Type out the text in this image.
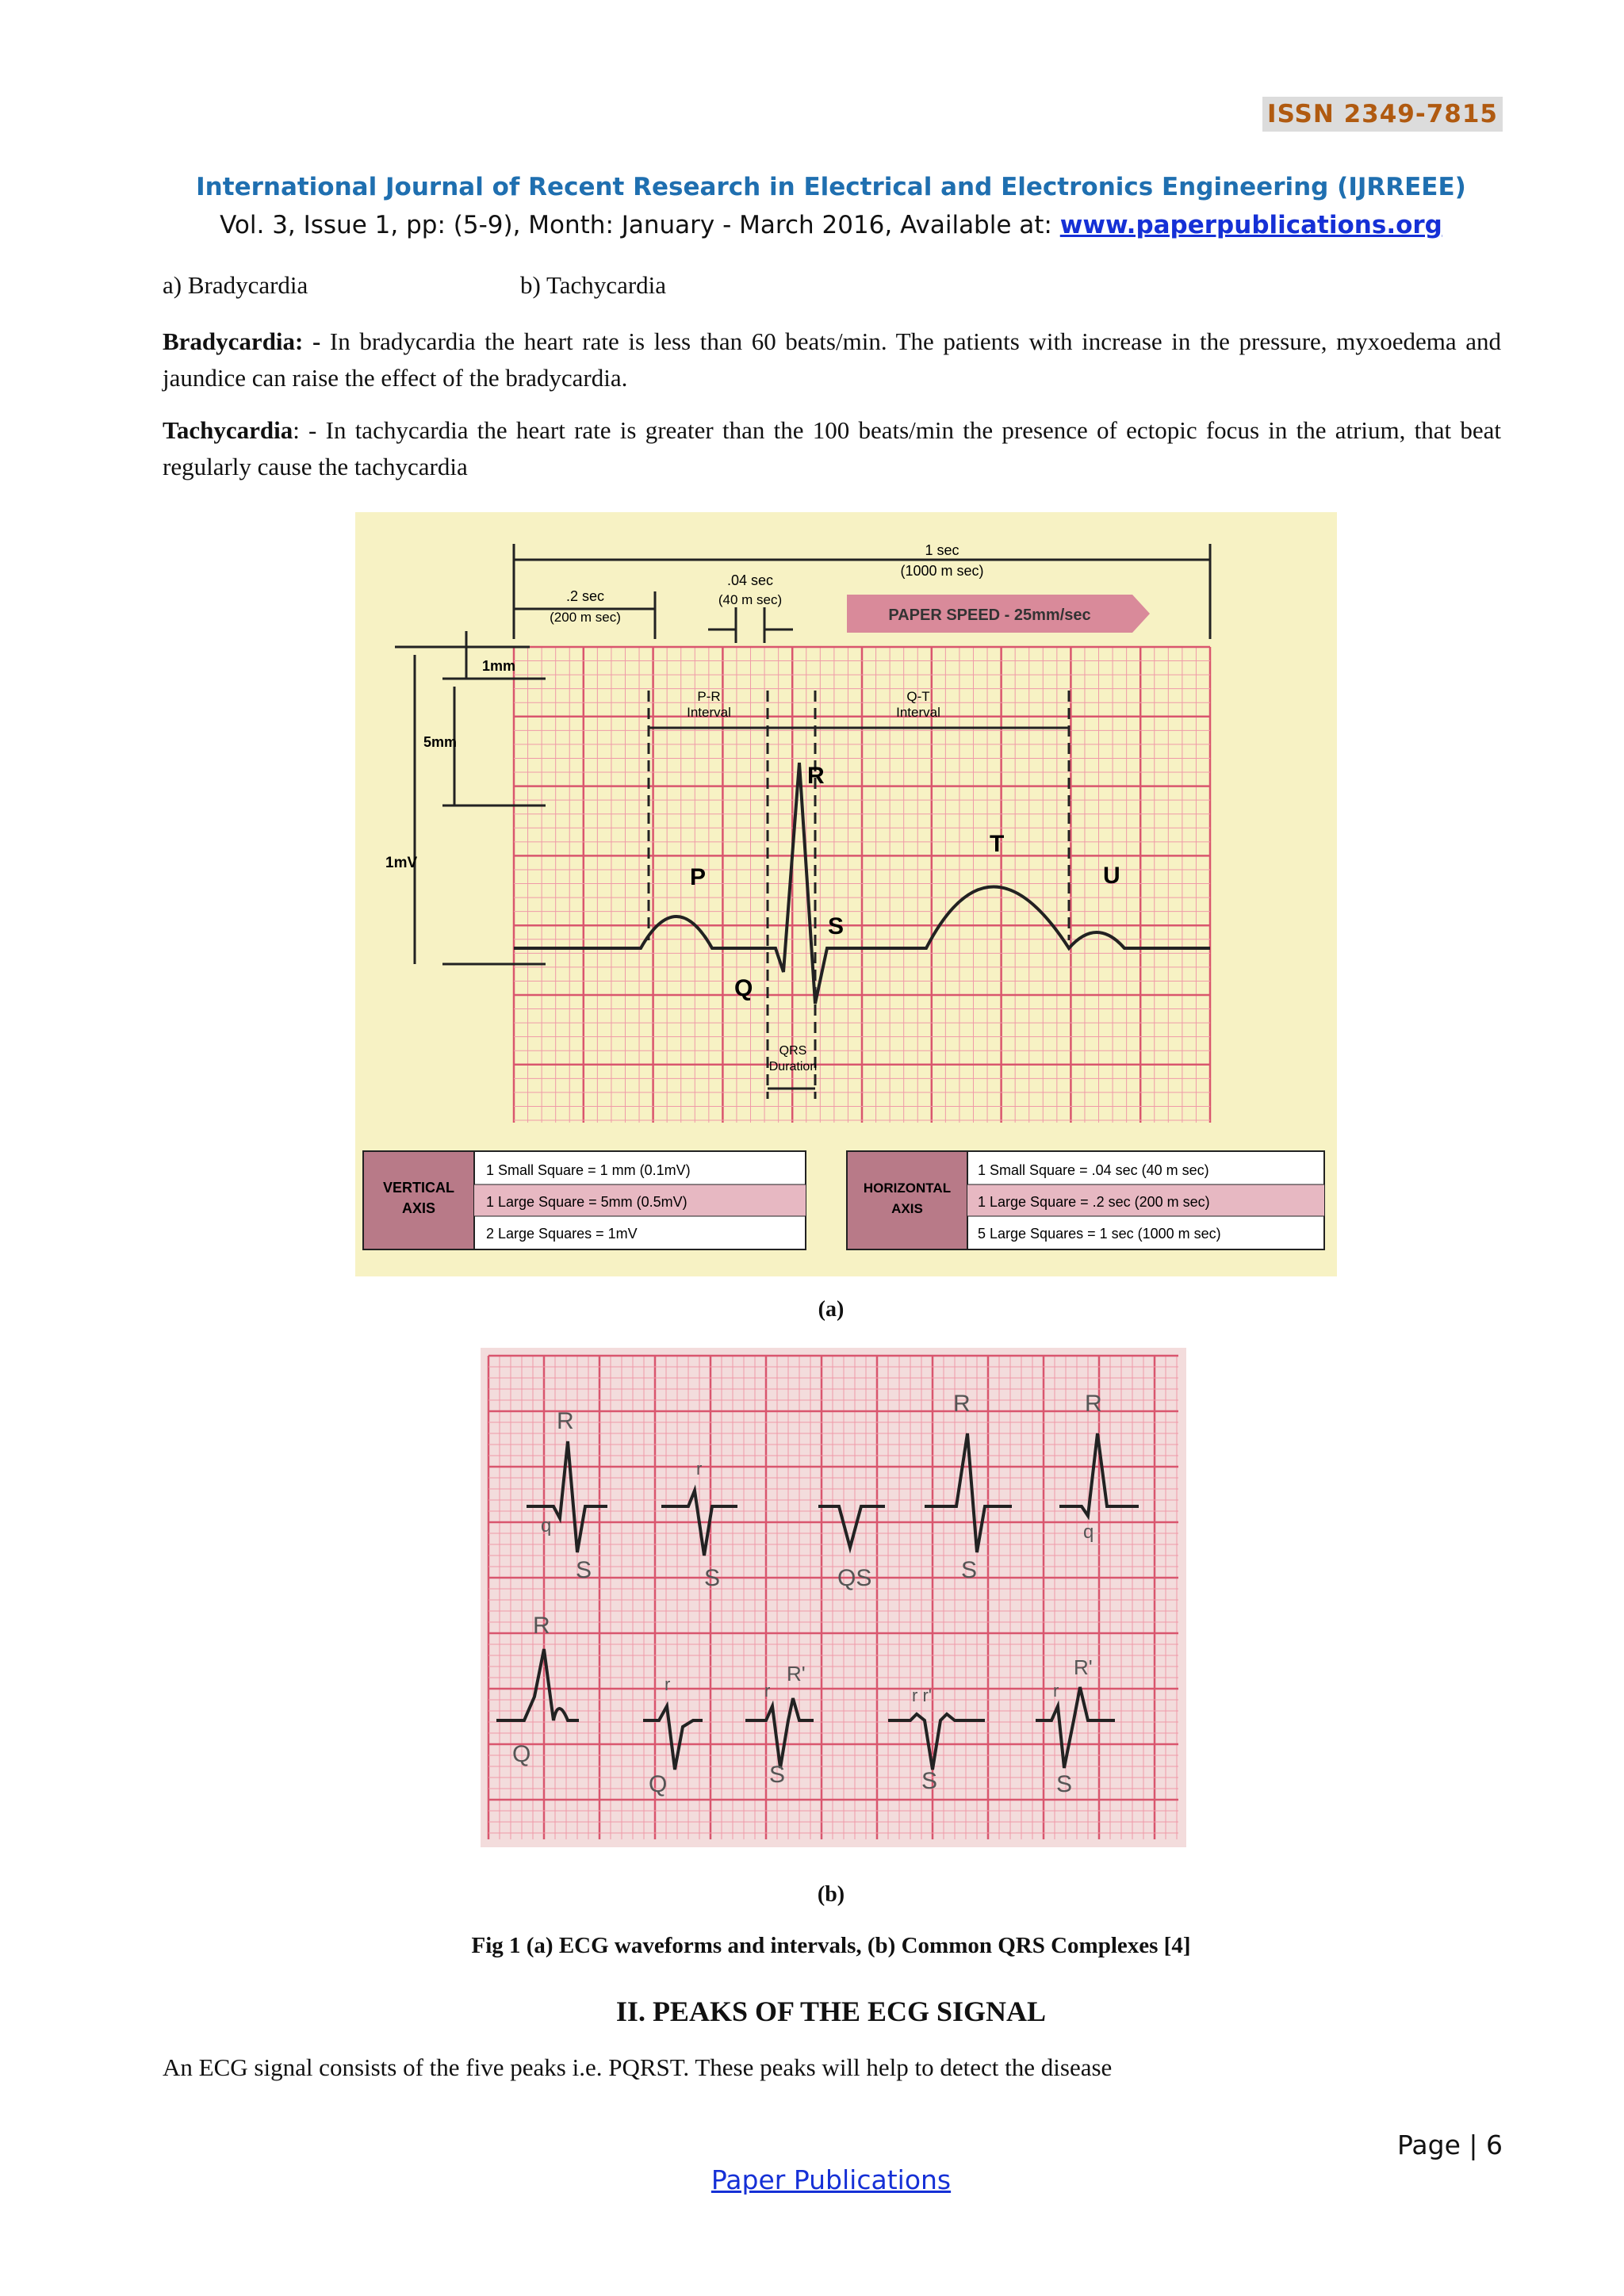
ISSN 2349-7815
International Journal of Recent Research in Electrical and Electronics Engineering (IJRREEE)
Vol. 3, Issue 1, pp: (5-9), Month: January - March 2016, Available at: www.paperpublications.org
a) Bradycardia	b) Tachycardia
Bradycardia: - In bradycardia the heart rate is less than 60 beats/min. The patients with increase in the pressure, myxoedema and jaundice can raise the effect of the bradycardia.
Tachycardia: - In tachycardia the heart rate is greater than the 100 beats/min the presence of ectopic focus in the atrium, that beat regularly cause the tachycardia
1 sec
(1000 m sec)
.2 sec
(200 m sec)
.04 sec
(40 m sec)
PAPER SPEED - 25mm/sec
1mm
5mm
1mV
P-R
Interval
Q-T
Interval
QRS
Duration
P
Q
R
S
T
U
VERTICAL
AXIS
1 Small Square = 1 mm (0.1mV)
1 Large Square = 5mm (0.5mV)
2 Large Squares = 1mV
HORIZONTAL
AXIS
1 Small Square = .04 sec (40 m sec)
1 Large Square = .2 sec (200 m sec)
5 Large Squares = 1 sec (1000 m sec)
(a)
R
q
S
r
S	QS
R
S
R
q
R
Q
r
Q
R'
r
S
r r'
S
R'
r
S
(b)
Fig 1 (a) ECG waveforms and intervals, (b) Common QRS Complexes [4]
II. PEAKS OF THE ECG SIGNAL
An ECG signal consists of the five peaks i.e. PQRST. These peaks will help to detect the disease
Page | 6
Paper Publications
